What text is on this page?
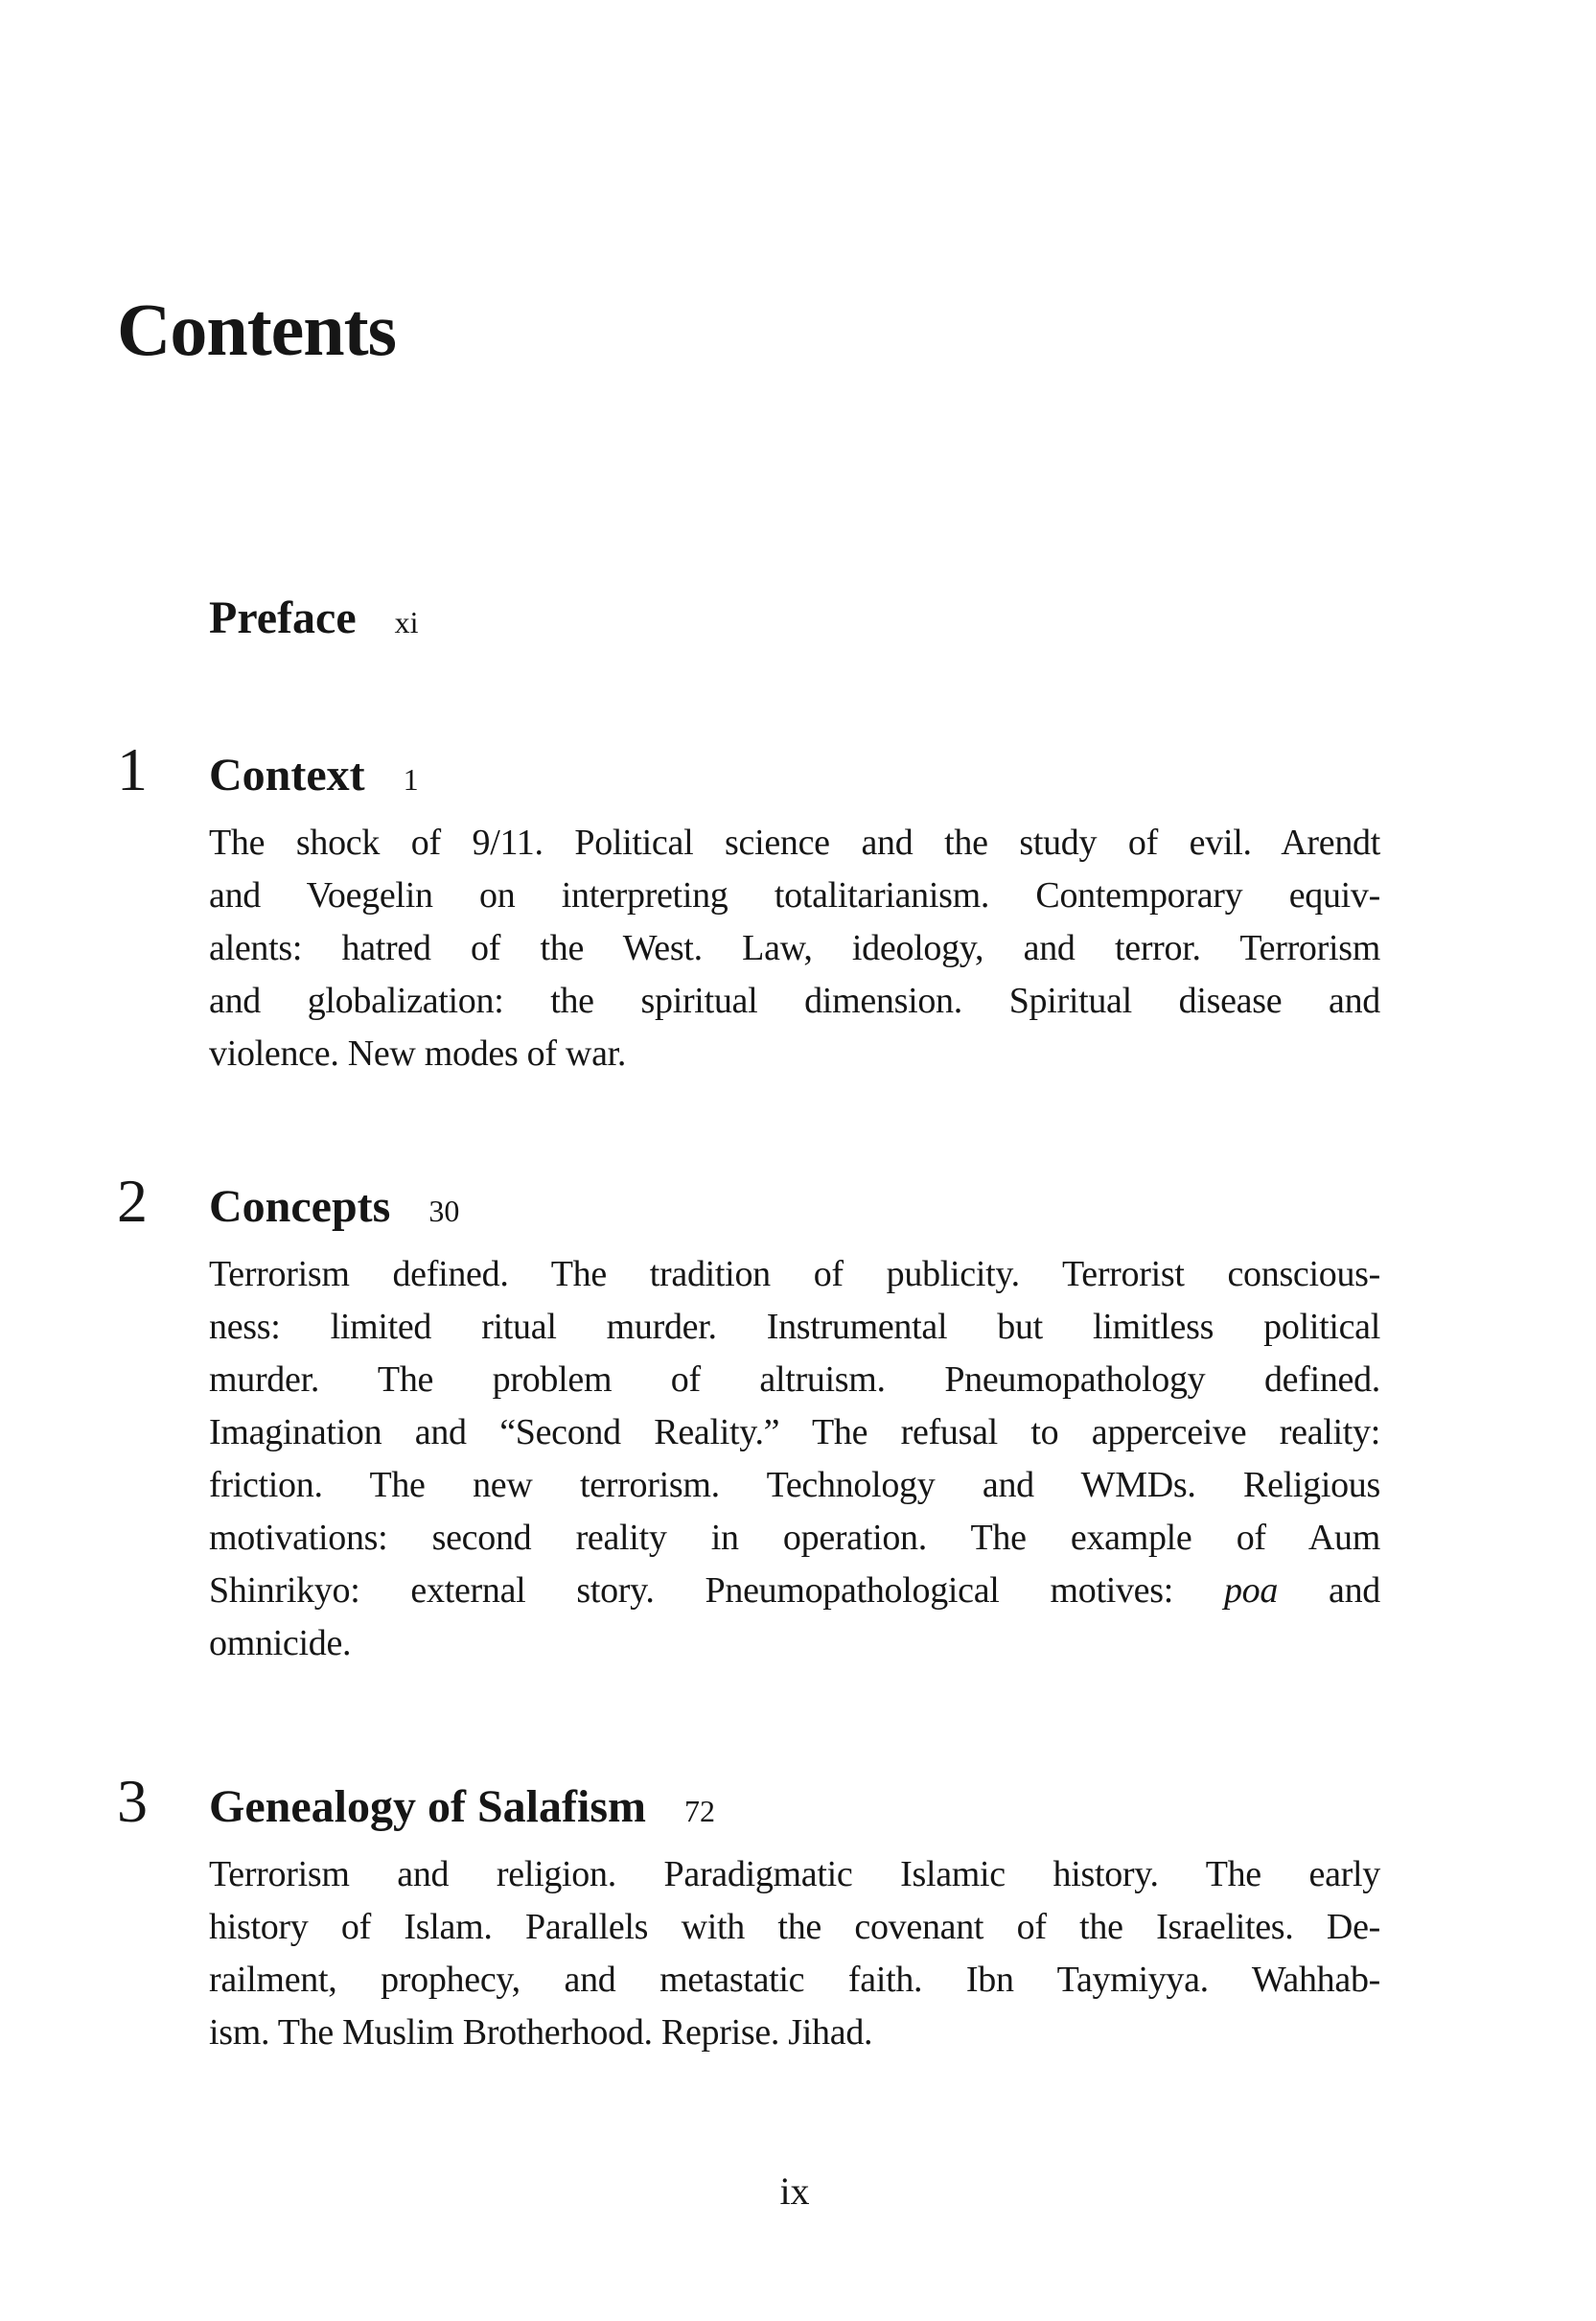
Contents
Preface xi
1	Context 1
The shock of 9/11. Political science and the study of evil. Arendt
and Voegelin on interpreting totalitarianism. Contemporary equiv-
alents: hatred of the West. Law, ideology, and terror. Terrorism
and globalization: the spiritual dimension. Spiritual disease and
violence. New modes of war.
2	Concepts 30
Terrorism defined. The tradition of publicity. Terrorist conscious-
ness: limited ritual murder. Instrumental but limitless political
murder. The problem of altruism. Pneumopathology defined.
Imagination and “Second Reality.” The refusal to apperceive reality:
friction. The new terrorism. Technology and WMDs. Religious
motivations: second reality in operation. The example of Aum
Shinrikyo: external story. Pneumopathological motives: poa and
omnicide.
3	Genealogy of Salafism 72
Terrorism and religion. Paradigmatic Islamic history. The early
history of Islam. Parallels with the covenant of the Israelites. De-
railment, prophecy, and metastatic faith. Ibn Taymiyya. Wahhab-
ism. The Muslim Brotherhood. Reprise. Jihad.
ix
